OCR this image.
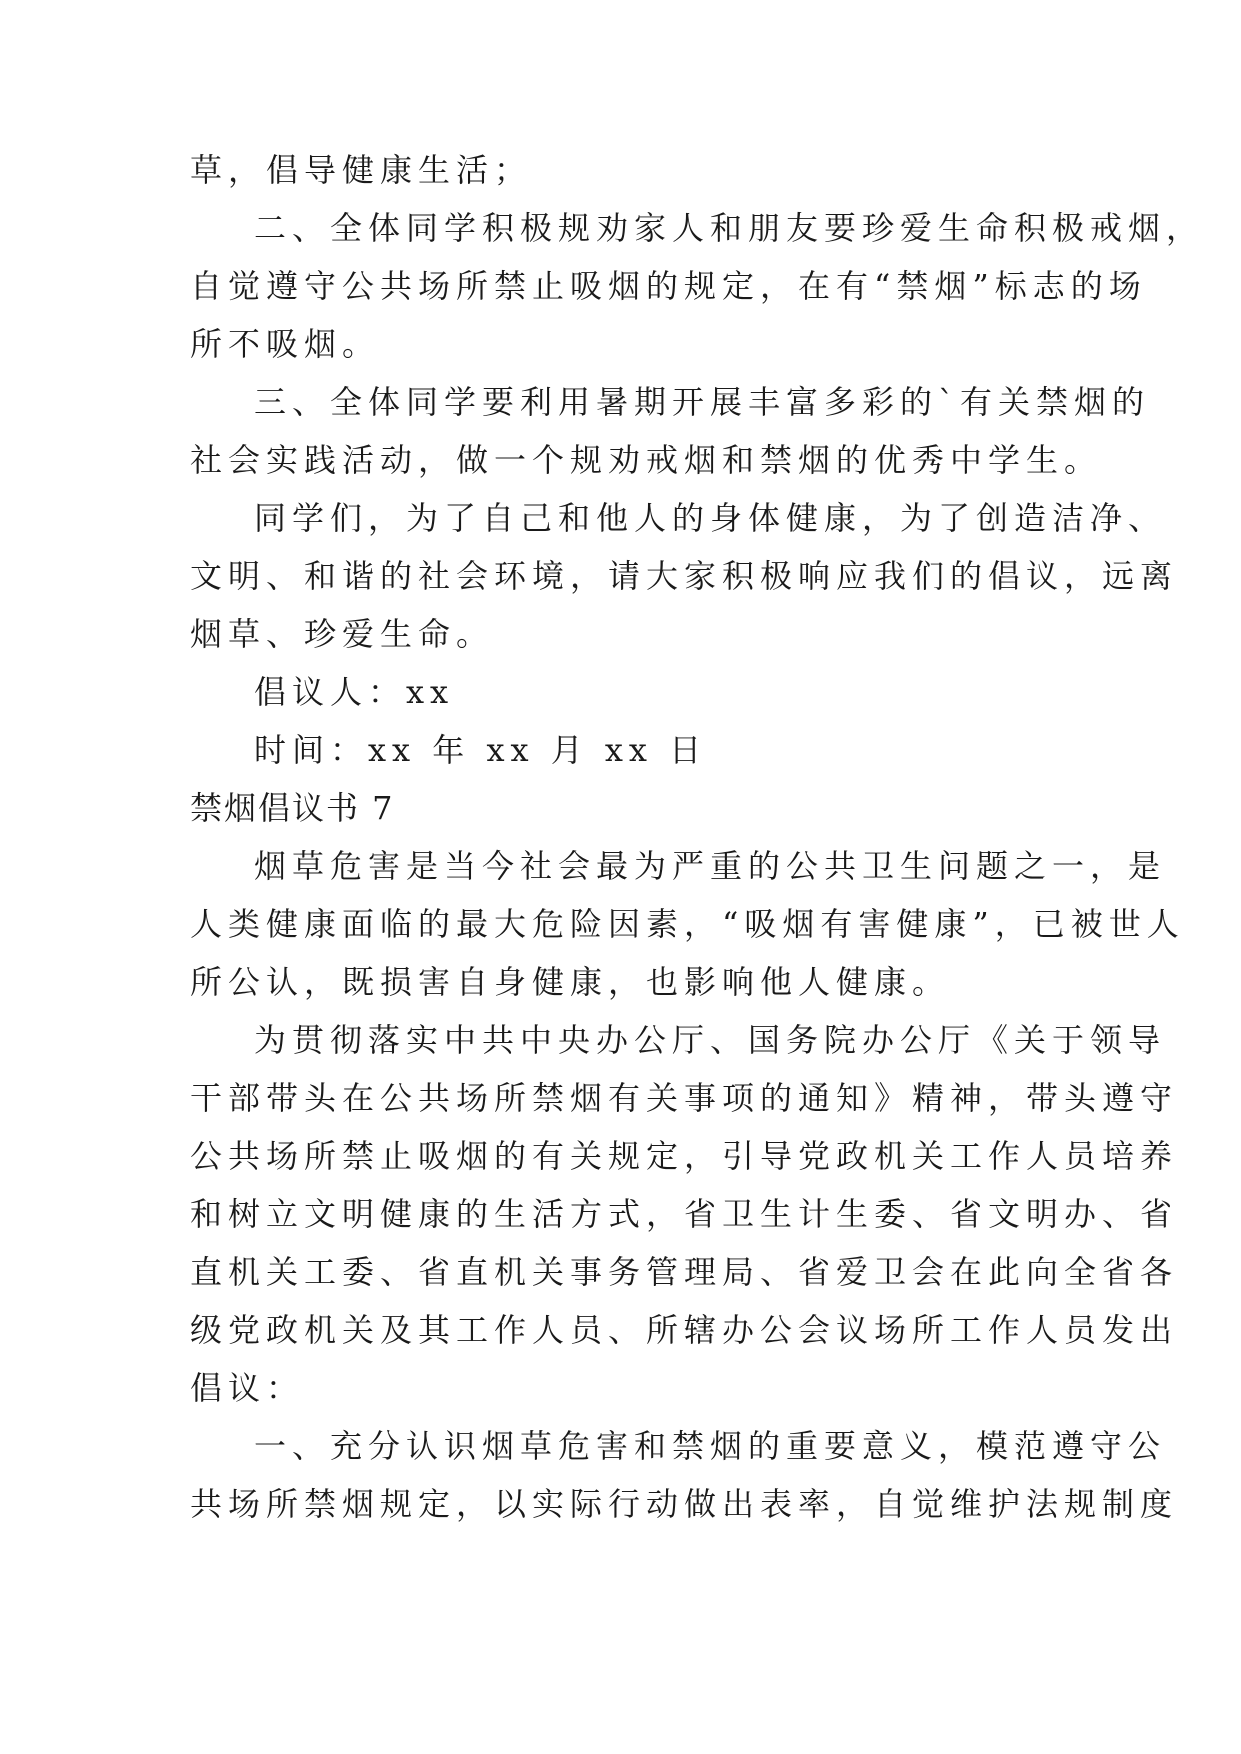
草，倡导健康生活；
二、全体同学积极规劝家人和朋友要珍爱生命积极戒烟，
自觉遵守公共场所禁止吸烟的规定，在有“禁烟”标志的场
所不吸烟。
三、全体同学要利用暑期开展丰富多彩的`有关禁烟的
社会实践活动，做一个规劝戒烟和禁烟的优秀中学生。
同学们，为了自己和他人的身体健康，为了创造洁净、
文明、和谐的社会环境，请大家积极响应我们的倡议，远离
烟草、珍爱生命。
倡议人：xx
时间：xx 年 xx 月 xx 日
禁烟倡议书 7
烟草危害是当今社会最为严重的公共卫生问题之一，是
人类健康面临的最大危险因素，“吸烟有害健康”，已被世人
所公认，既损害自身健康，也影响他人健康。
为贯彻落实中共中央办公厅、国务院办公厅《关于领导
干部带头在公共场所禁烟有关事项的通知》精神，带头遵守
公共场所禁止吸烟的有关规定，引导党政机关工作人员培养
和树立文明健康的生活方式，省卫生计生委、省文明办、省
直机关工委、省直机关事务管理局、省爱卫会在此向全省各
级党政机关及其工作人员、所辖办公会议场所工作人员发出
倡议：
一、充分认识烟草危害和禁烟的重要意义，模范遵守公
共场所禁烟规定，以实际行动做出表率，自觉维护法规制度
